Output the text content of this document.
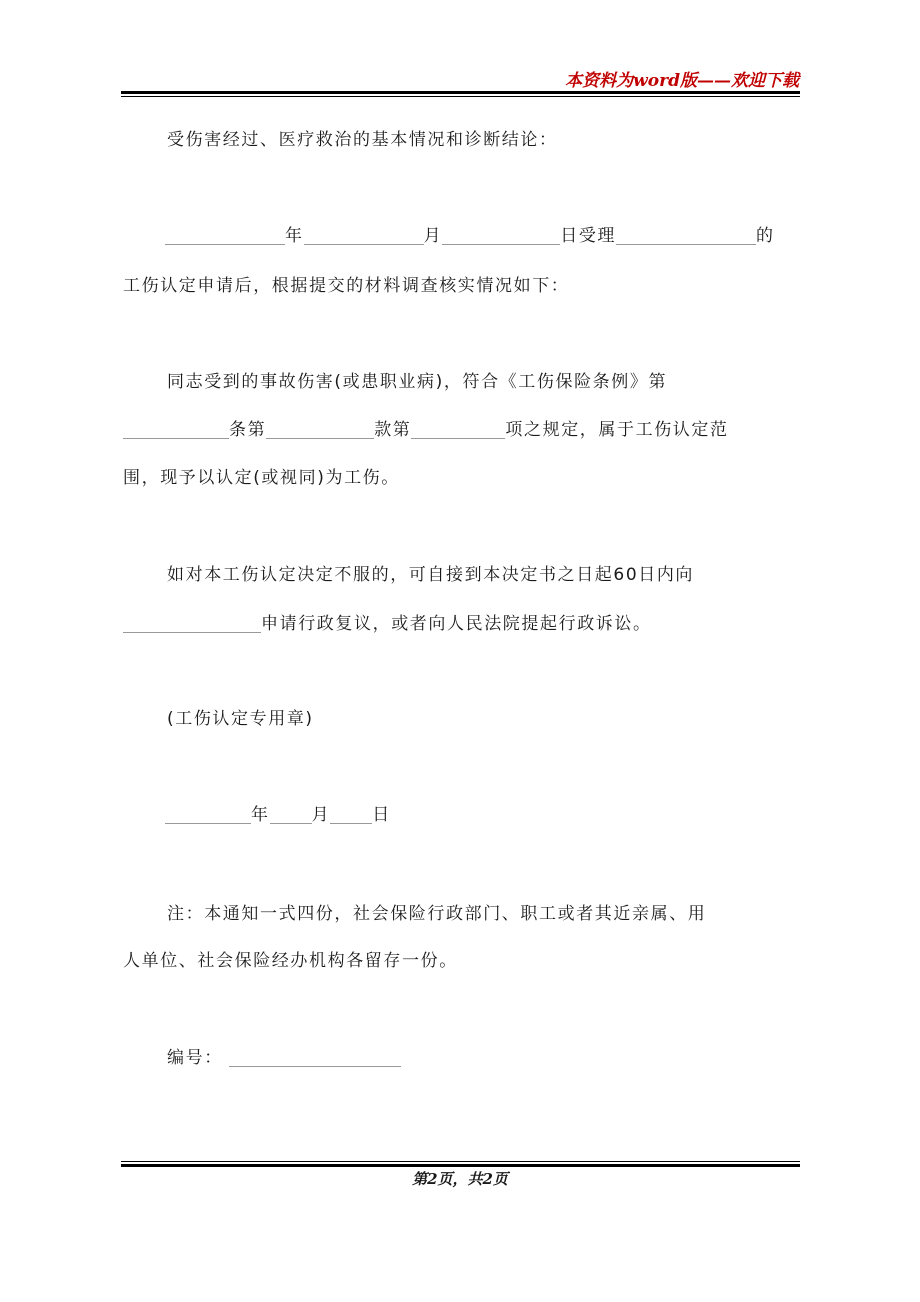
本资料为word版——欢迎下载
受伤害经过、医疗救治的基本情况和诊断结论：
年	月	日受理	的
工伤认定申请后，根据提交的材料调查核实情况如下：
同志受到的事故伤害(或患职业病)，符合《工伤保险条例》第
条第	款第	项之规定，属于工伤认定范
围，现予以认定(或视同)为工伤。
如对本工伤认定决定不服的，可自接到本决定书之日起60日内向
申请行政复议，或者向人民法院提起行政诉讼。
(工伤认定专用章)
年 月 日
注：本通知一式四份，社会保险行政部门、职工或者其近亲属、用
人单位、社会保险经办机构各留存一份。
编号：
第2页，共2页
